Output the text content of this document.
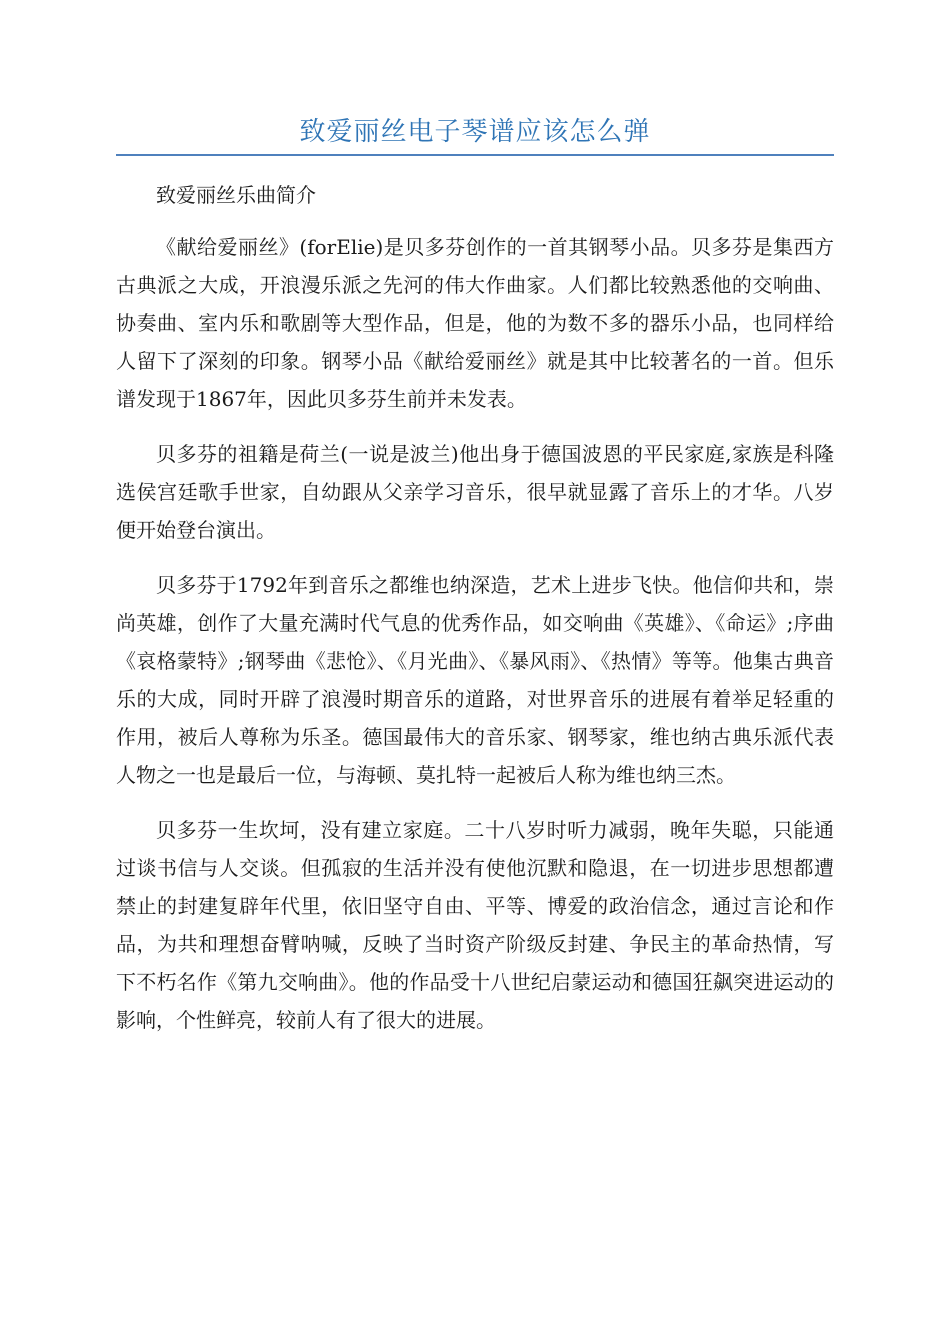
致爱丽丝电子琴谱应该怎么弹

致爱丽丝乐曲简介

《献给爱丽丝》(forElie)是贝多芬创作的一首其钢琴小品。贝多芬是集西方古典派之大成，开浪漫乐派之先河的伟大作曲家。人们都比较熟悉他的交响曲、协奏曲、室内乐和歌剧等大型作品，但是，他的为数不多的器乐小品，也同样给人留下了深刻的印象。钢琴小品《献给爱丽丝》就是其中比较著名的一首。但乐谱发现于1867年，因此贝多芬生前并未发表。

贝多芬的祖籍是荷兰(一说是波兰)他出身于德国波恩的平民家庭,家族是科隆选侯宫廷歌手世家，自幼跟从父亲学习音乐，很早就显露了音乐上的才华。八岁便开始登台演出。

贝多芬于1792年到音乐之都维也纳深造，艺术上进步飞快。他信仰共和，崇尚英雄，创作了大量充满时代气息的优秀作品，如交响曲《英雄》、《命运》;序曲《哀格蒙特》;钢琴曲《悲怆》、《月光曲》、《暴风雨》、《热情》等等。他集古典音乐的大成，同时开辟了浪漫时期音乐的道路，对世界音乐的进展有着举足轻重的作用，被后人尊称为乐圣。德国最伟大的音乐家、钢琴家，维也纳古典乐派代表人物之一也是最后一位，与海顿、莫扎特一起被后人称为维也纳三杰。

贝多芬一生坎坷，没有建立家庭。二十八岁时听力减弱，晚年失聪，只能通过谈书信与人交谈。但孤寂的生活并没有使他沉默和隐退，在一切进步思想都遭禁止的封建复辟年代里，依旧坚守自由、平等、博爱的政治信念，通过言论和作品，为共和理想奋臂呐喊，反映了当时资产阶级反封建、争民主的革命热情，写下不朽名作《第九交响曲》。他的作品受十八世纪启蒙运动和德国狂飙突进运动的影响，个性鲜亮，较前人有了很大的进展。
